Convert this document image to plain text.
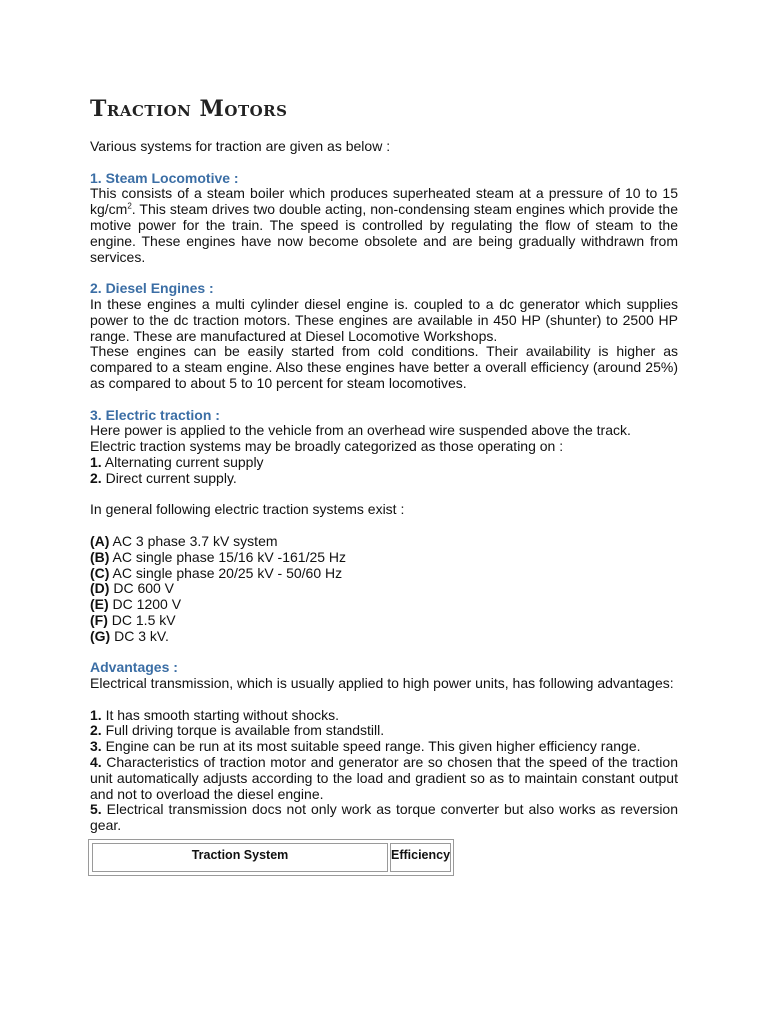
Traction Motors

Various systems for traction are given as below :

1. Steam Locomotive :

This consists of a steam boiler which produces superheated steam at a pressure of 10 to 15 $kg/cm^2$. This steam drives two double acting, non-condensing steam engines which provide the motive power for the train. The speed is controlled by regulating the flow of steam to the engine. These engines have now become obsolete and are being gradually withdrawn from services.

2. Diesel Engines :

In these engines a multi cylinder diesel engine is. coupled to a dc generator which supplies power to the dc traction motors. These engines are available in 450 HP (shunter) to 2500 HP range. These are manufactured at Diesel Locomotive Workshops.

These engines can be easily started from cold conditions. Their availability is higher as compared to a steam engine. Also these engines have better a overall efficiency (around 25%) as compared to about 5 to 10 percent for steam locomotives.

3. Electric traction :

Here power is applied to the vehicle from an overhead wire suspended above the track.

Electric traction systems may be broadly categorized as those operating on :

1. Alternating current supply

2. Direct current supply.

In general following electric traction systems exist :

(A) AC 3 phase 3.7 kV system

(B) AC single phase 15/16 kV -161/25 Hz

(C) AC single phase 20/25 kV - 50/60 Hz

(D) DC 600 V

(E) DC 1200 V

(F) DC 1.5 kV

(G) DC 3 kV.

Advantages :

Electrical transmission, which is usually applied to high power units, has following advantages:

1. It has smooth starting without shocks.

2. Full driving torque is available from standstill.

3. Engine can be run at its most suitable speed range. This given higher efficiency range.

4. Characteristics of traction motor and generator are so chosen that the speed of the traction unit automatically adjusts according to the load and gradient so as to maintain constant output and not to overload the diesel engine.

5. Electrical transmission docs not only work as torque converter but also works as reversion gear.

Traction System	Efficiency
